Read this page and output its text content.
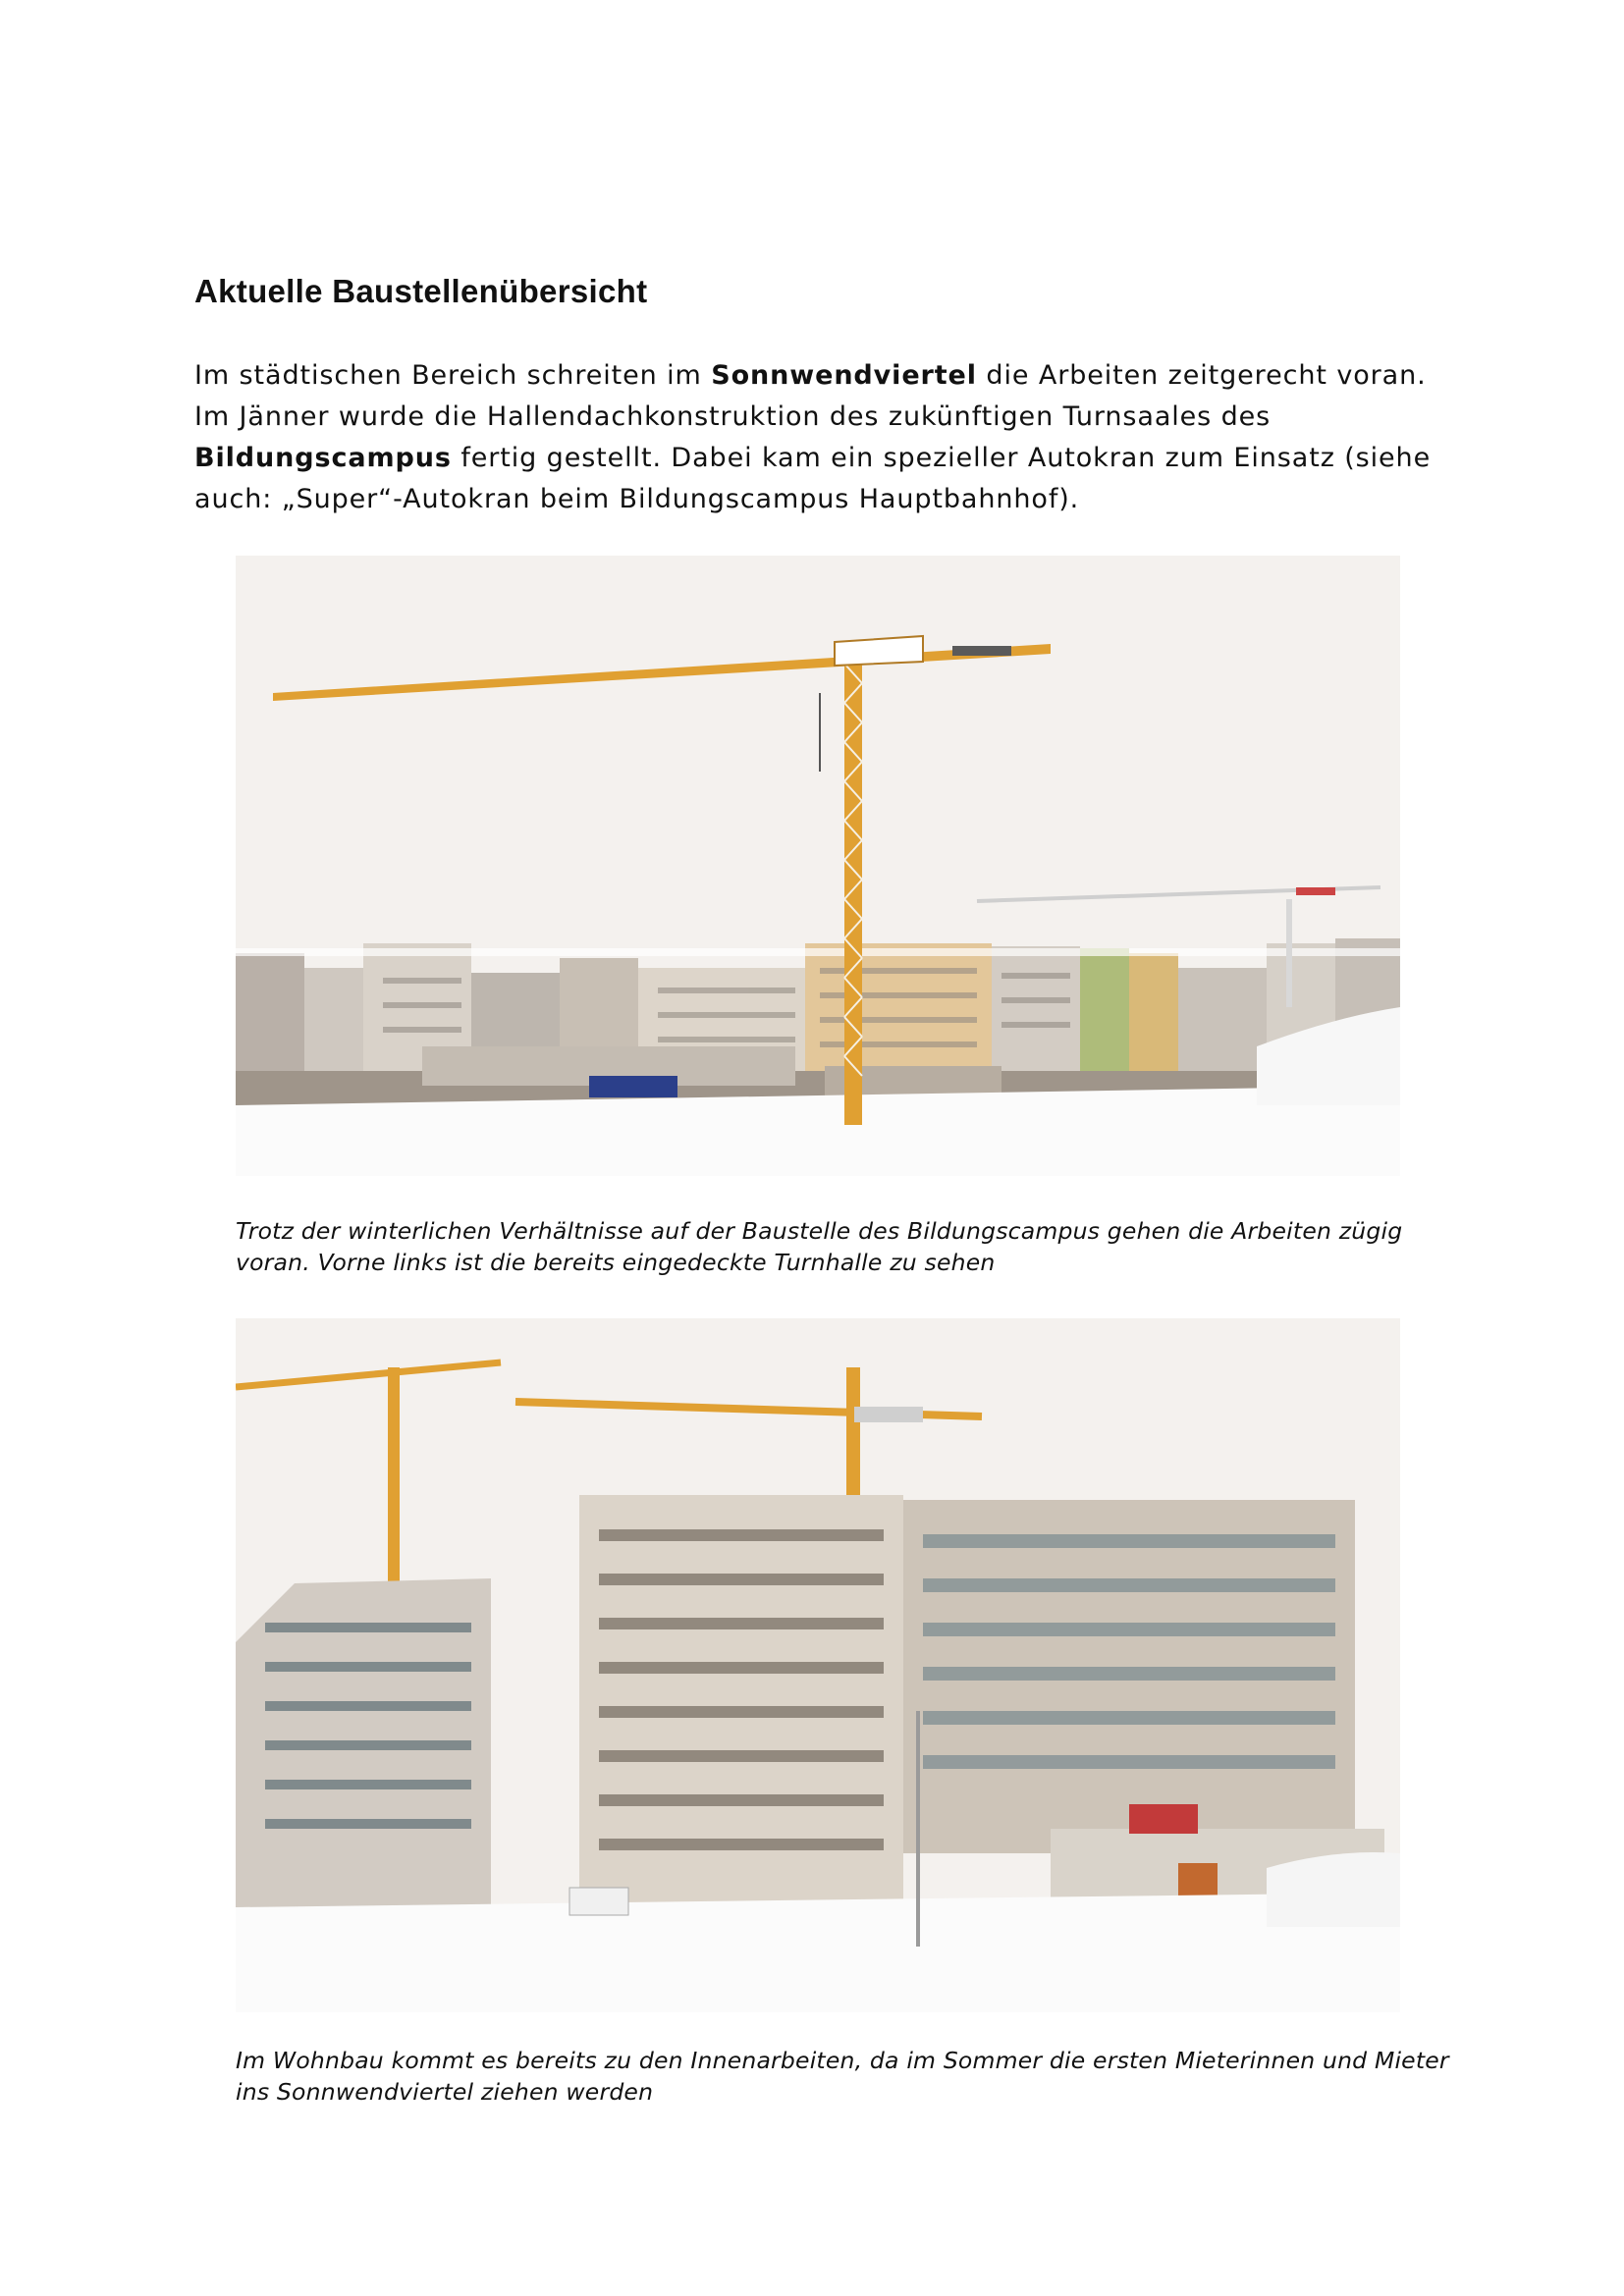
Aktuelle Baustellenübersicht

Im städtischen Bereich schreiten im Sonnwendviertel die Arbeiten zeitgerecht voran. Im Jänner wurde die Hallendachkonstruktion des zukünftigen Turnsaales des Bildungscampus fertig gestellt. Dabei kam ein spezieller Autokran zum Einsatz (siehe auch: „Super“-Autokran beim Bildungscampus Hauptbahnhof).

Trotz der winterlichen Verhältnisse auf der Baustelle des Bildungscampus gehen die Arbeiten zügig voran. Vorne links ist die bereits eingedeckte Turnhalle zu sehen

Im Wohnbau kommt es bereits zu den Innenarbeiten, da im Sommer die ersten Mieterinnen und Mieter ins Sonnwendviertel ziehen werden
